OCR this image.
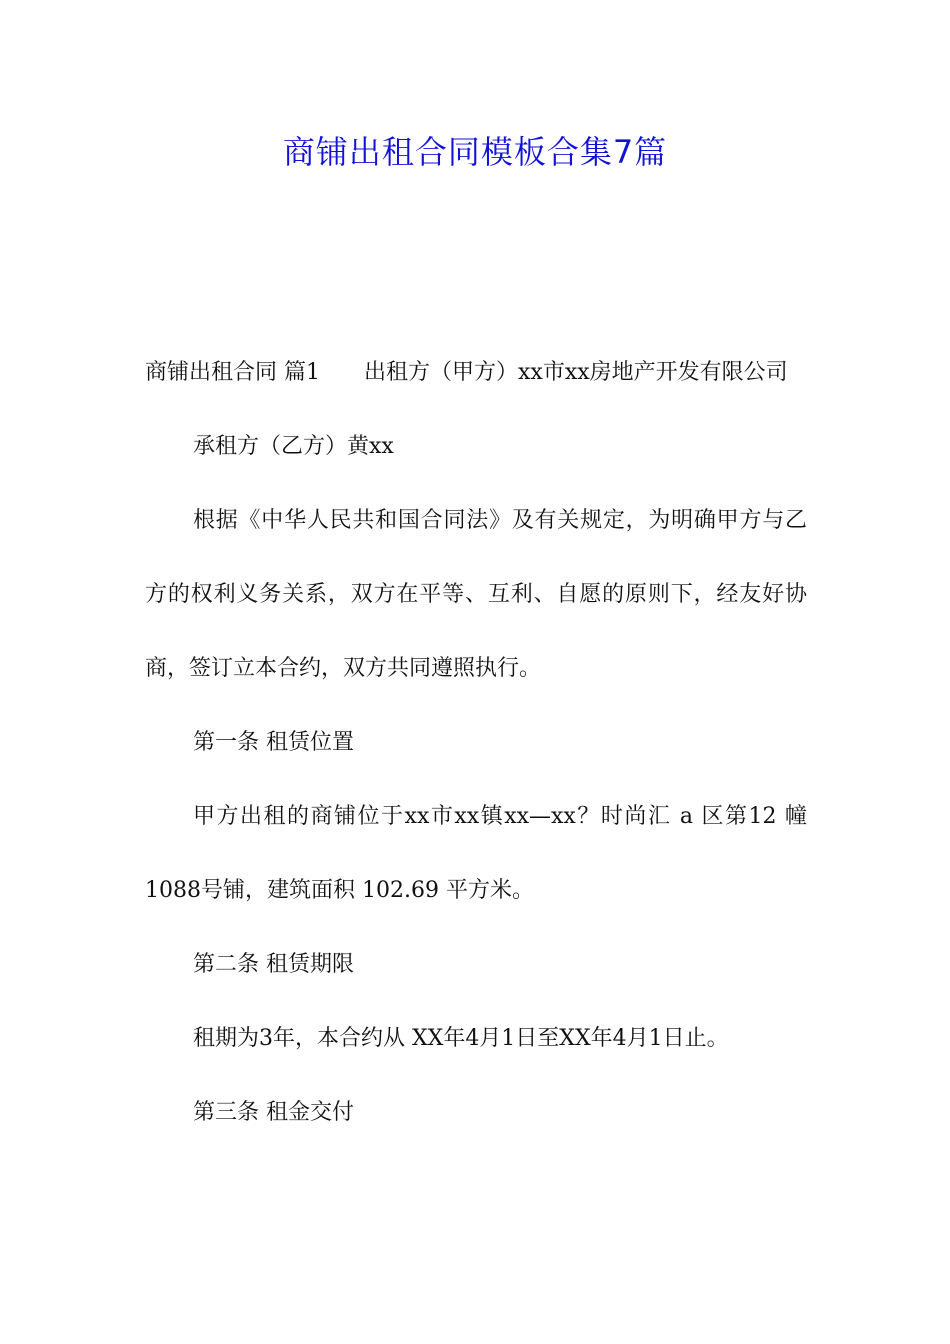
商铺出租合同模板合集7篇

商铺出租合同 篇1 出租方（甲方）xx市xx房地产开发有限公司

承租方（乙方）黄xx

根据《中华人民共和国合同法》及有关规定，为明确甲方与乙方的权利义务关系，双方在平等、互利、自愿的原则下，经友好协商，签订立本合约，双方共同遵照执行。

第一条 租赁位置

甲方出租的商铺位于xx市xx镇xx—xx？时尚汇 a 区第12 幢1088号铺，建筑面积 102.69 平方米。

第二条 租赁期限

租期为3年，本合约从 XX年4月1日至XX年4月1日止。

第三条 租金交付
